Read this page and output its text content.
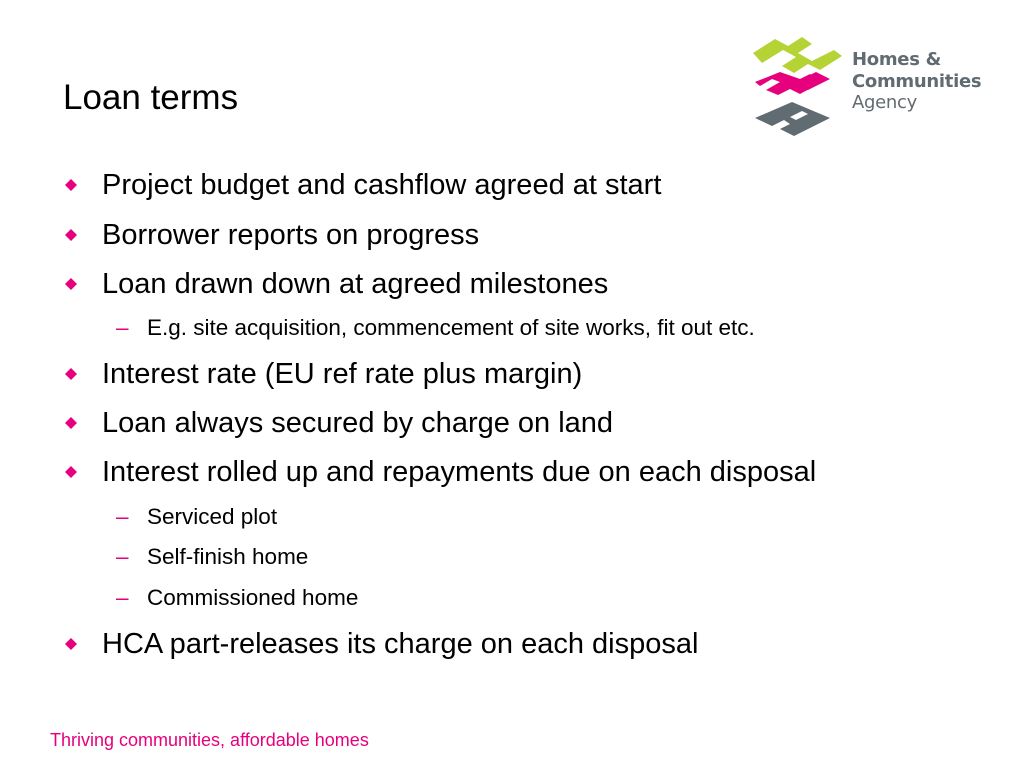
Loan terms
Homes &
Communities
Agency
Project budget and cashflow agreed at start
Borrower reports on progress
Loan drawn down at agreed milestones
– E.g. site acquisition, commencement of site works, fit out etc.
Interest rate (EU ref rate plus margin)
Loan always secured by charge on land
Interest rolled up and repayments due on each disposal
– Serviced plot
– Self-finish home
– Commissioned home
HCA part-releases its charge on each disposal
Thriving communities, affordable homes
